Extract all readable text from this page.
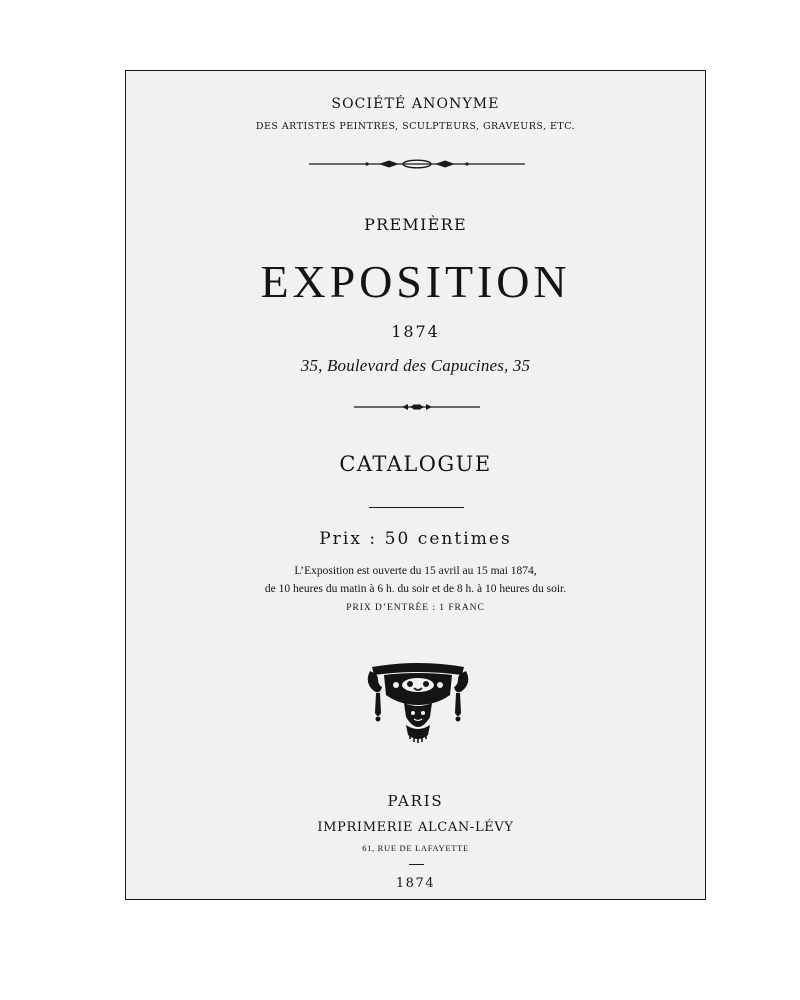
SOCIÉTÉ ANONYME
DES ARTISTES PEINTRES, SCULPTEURS, GRAVEURS, ETC.
PREMIÈRE
EXPOSITION
1874
35, Boulevard des Capucines, 35
CATALOGUE
Prix : 50 centimes
L’Exposition est ouverte du 15 avril au 15 mai 1874,
de 10 heures du matin à 6 h. du soir et de 8 h. à 10 heures du soir.
PRIX D’ENTRÉE : 1 FRANC
PARIS
IMPRIMERIE ALCAN-LÉVY
61, RUE DE LAFAYETTE
1874
